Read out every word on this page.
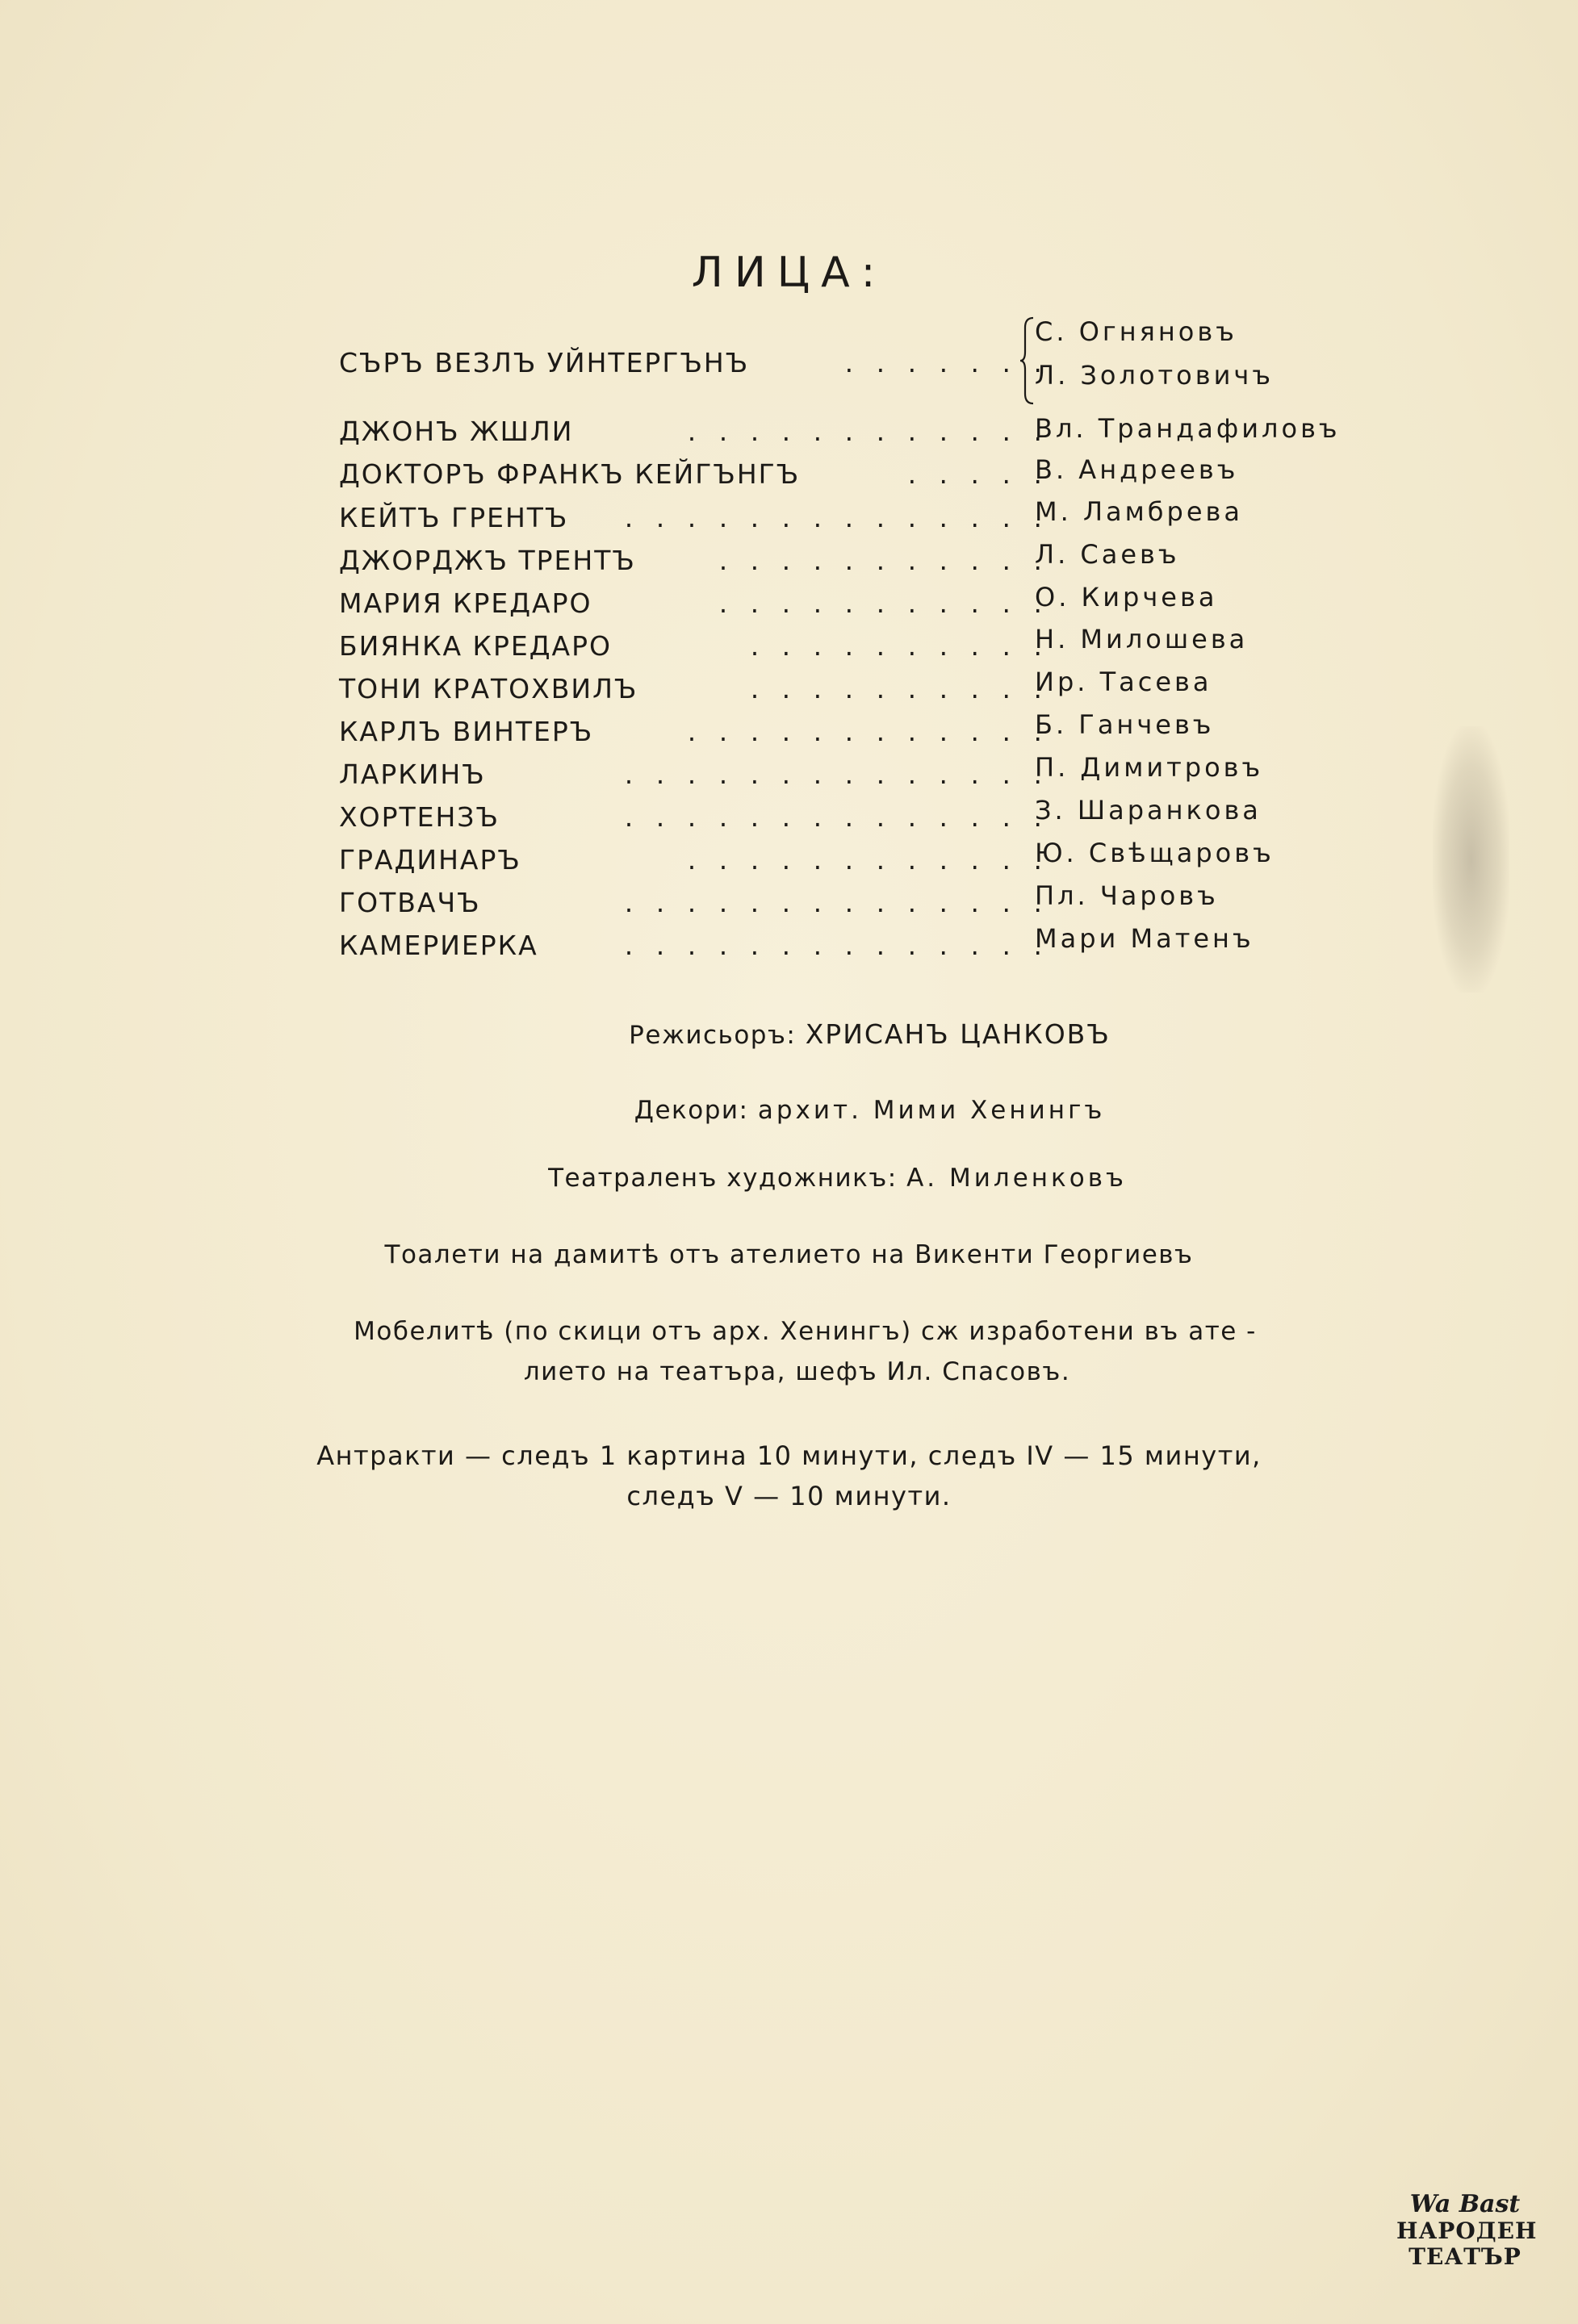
ЛИЦА:
СЪРЪ ВЕЗЛЪ УЙНТЕРГЪНЪ	. . . . . . .
С. Огняновъ
Л. Золотовичъ
ДЖОНЪ ЖШЛИ	. . . . . . . . . . . .
Вл. Трандафиловъ
ДОКТОРЪ ФРАНКЪ КЕЙГЪНГЪ	. . . . .
В. Андреевъ
КЕЙТЪ ГРЕНТЪ . . . . . . . . . . . . . .
М. Ламбрева
ДЖОРДЖЪ ТРЕНТЪ	. . . . . . . . . . .
Л. Саевъ
МАРИЯ КРЕДАРО	. . . . . . . . . . .
О. Кирчева
БИЯНКА КРЕДАРО	. . . . . . . . . .
Н. Милошева
ТОНИ КРАТОХВИЛЪ	. . . . . . . . . .
Ир. Тасева
КАРЛЪ ВИНТЕРЪ	. . . . . . . . . . . .
Б. Ганчевъ
ЛАРКИНЪ	. . . . . . . . . . . . . .
П. Димитровъ
ХОРТЕНЗЪ	. . . . . . . . . . . . . .
З. Шаранкова
ГРАДИНАРЪ	. . . . . . . . . . . .
Ю. Свѣщаровъ
ГОТВАЧЪ	. . . . . . . . . . . . . .
Пл. Чаровъ
КАМЕРИЕРКА	. . . . . . . . . . . . . .
Мари Матенъ
Режисьоръ: ХРИСАНЪ ЦАНКОВЪ
Декори: архит. Мими Хенингъ
Театраленъ художникъ: А. Миленковъ
Тоалети на дамитѣ отъ ателието на Викенти Георгиевъ
Мобелитѣ (по скици отъ арх. Хенингъ) сж изработени въ ате -
лието на театъра, шефъ Ил. Спасовъ.
Антракти — следъ 1 картина 10 минути, следъ IV — 15 минути,
следъ V — 10 минути.
Wa Bast
НАРОДЕН
ТЕАТЪР
